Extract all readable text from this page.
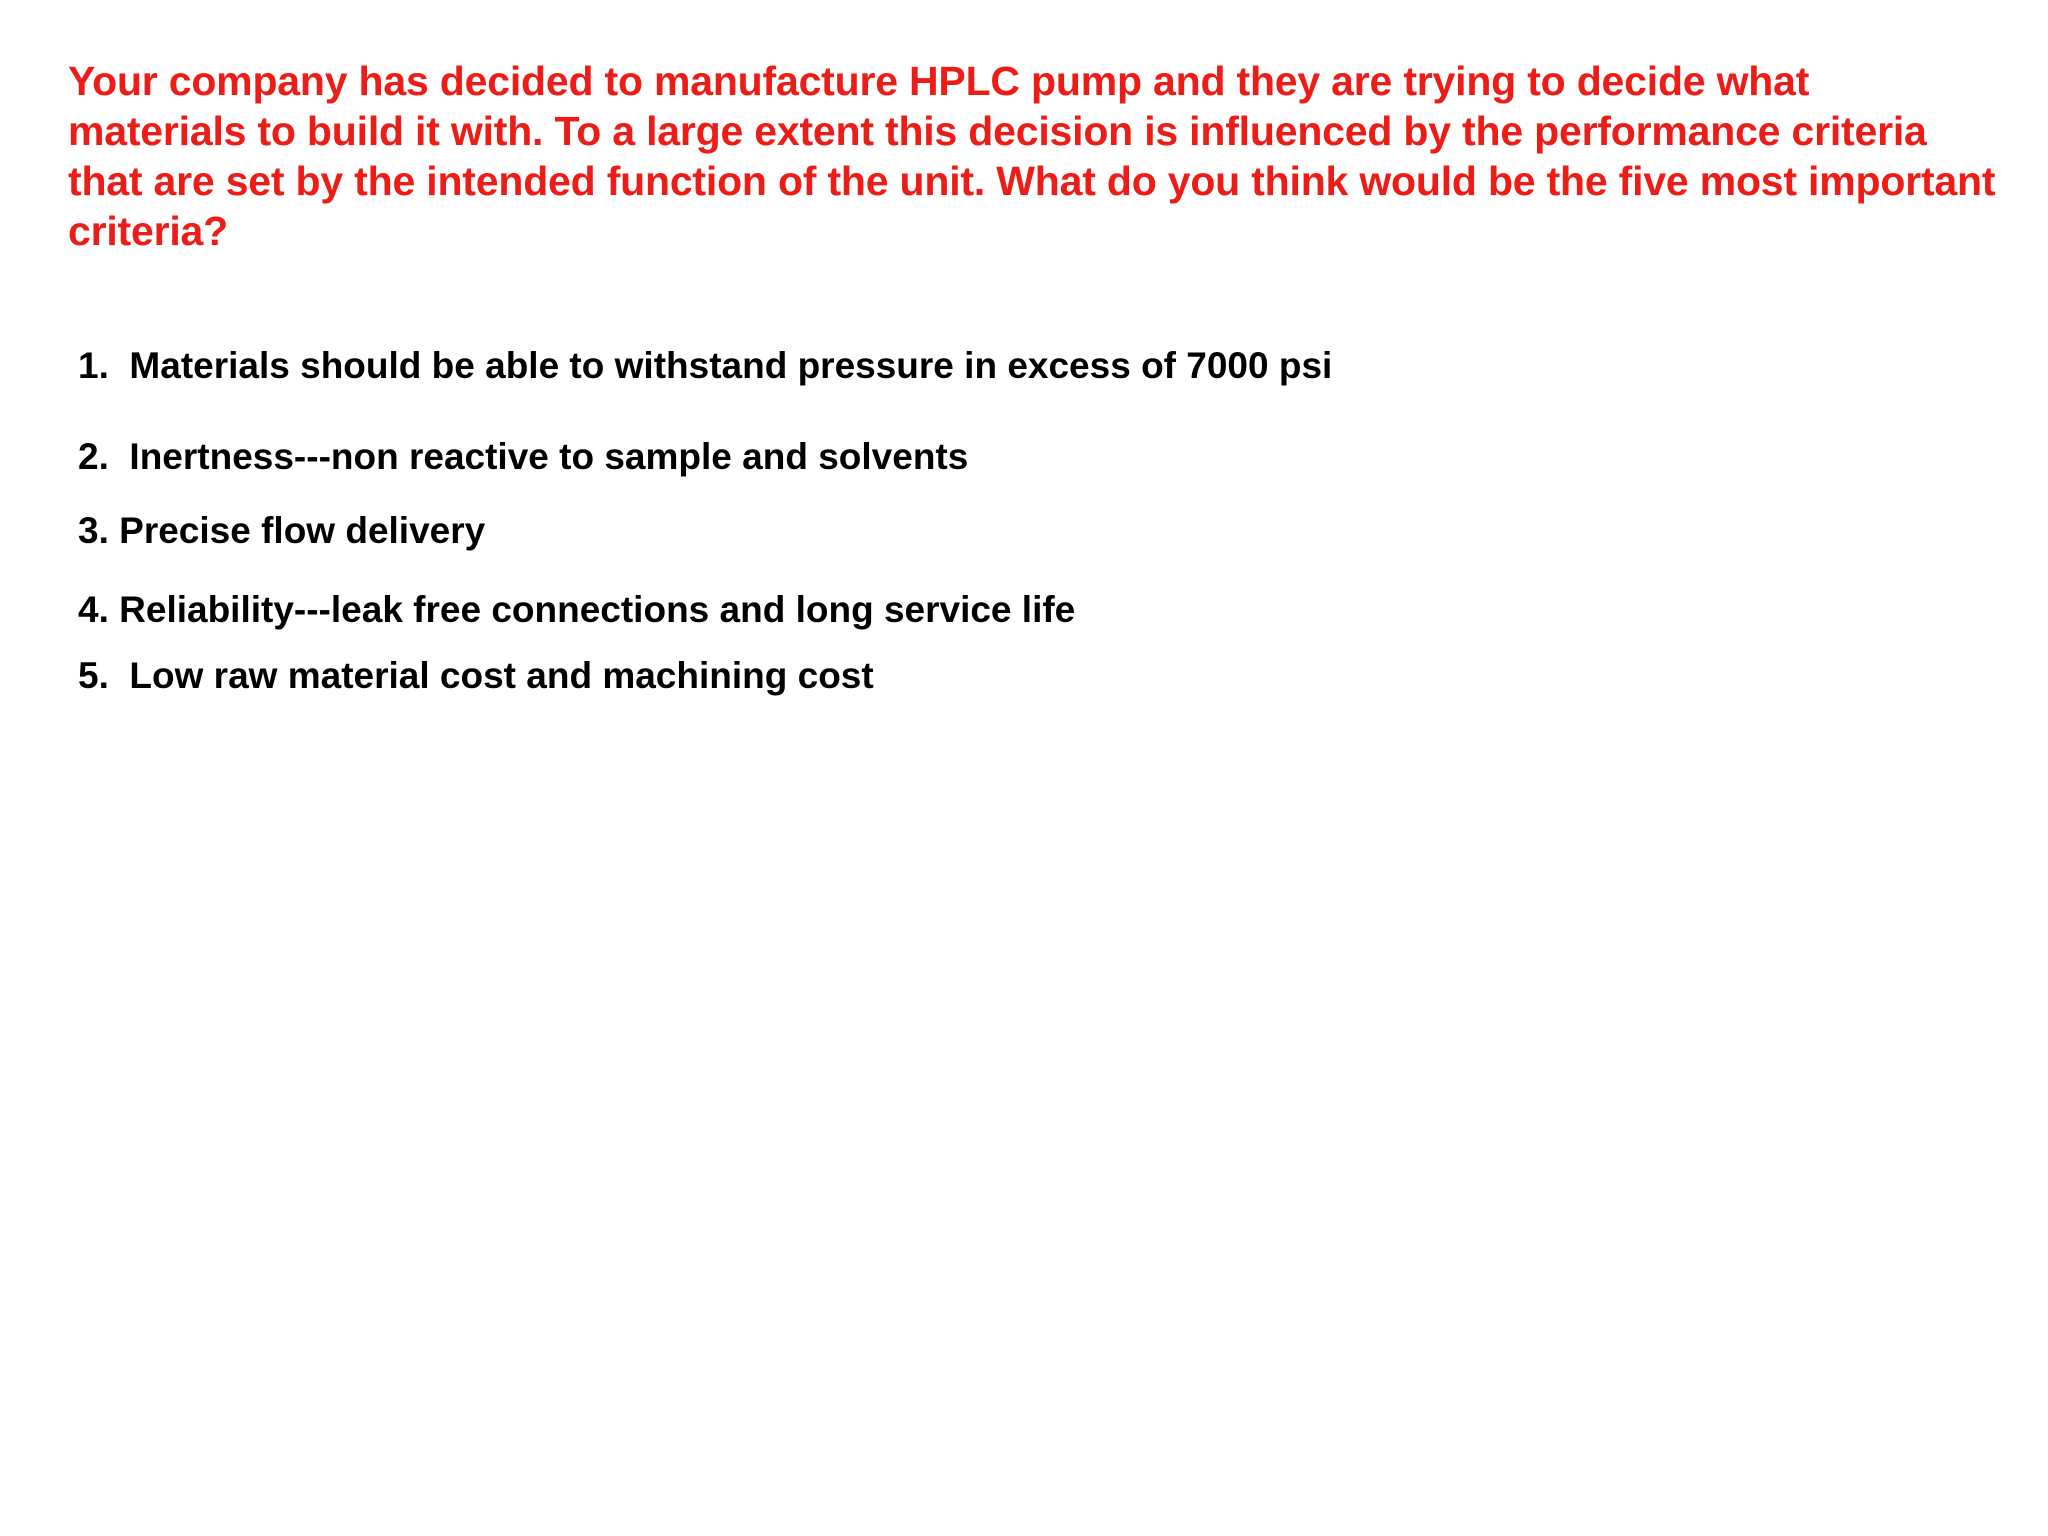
Your company has decided to manufacture HPLC pump and they are trying to decide what materials to build it with. To a large extent this decision is influenced by the performance criteria that are set by the intended function of the unit. What do you think would be the five most important criteria?
1.
Materials should be able to withstand pressure in excess of 7000 psi
2.
Inertness---non reactive to sample and solvents
3.
Precise flow delivery
4.
Reliability---leak free connections and long service life
5.
Low raw material cost and machining cost
